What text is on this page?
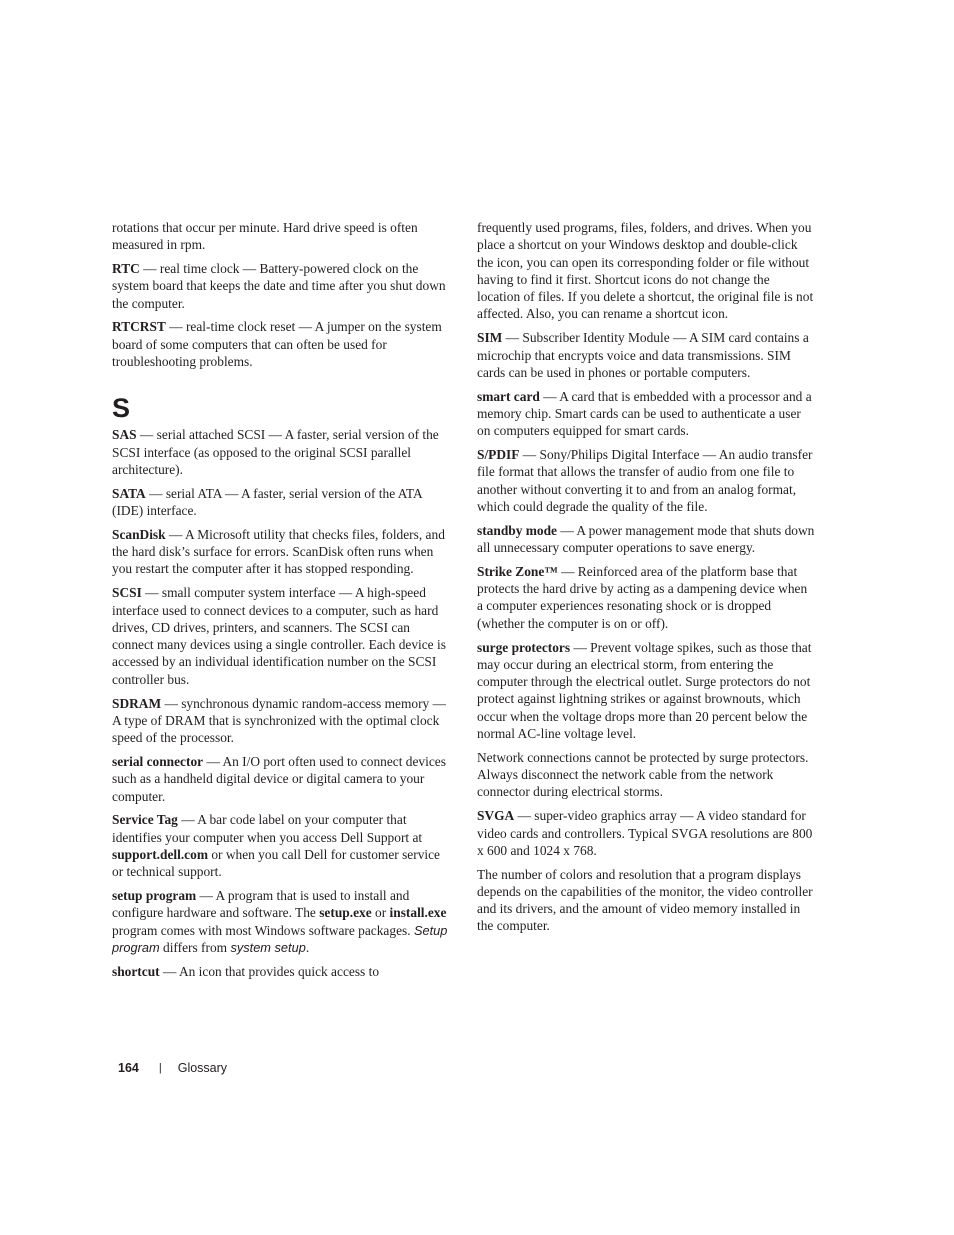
rotations that occur per minute. Hard drive speed is often measured in rpm.

RTC — real time clock — Battery-powered clock on the system board that keeps the date and time after you shut down the computer.

RTCRST — real-time clock reset — A jumper on the system board of some computers that can often be used for troubleshooting problems.

S

SAS — serial attached SCSI — A faster, serial version of the SCSI interface (as opposed to the original SCSI parallel architecture).

SATA — serial ATA — A faster, serial version of the ATA (IDE) interface.

ScanDisk — A Microsoft utility that checks files, folders, and the hard disk’s surface for errors. ScanDisk often runs when you restart the computer after it has stopped responding.

SCSI — small computer system interface — A high-speed interface used to connect devices to a computer, such as hard drives, CD drives, printers, and scanners. The SCSI can connect many devices using a single controller. Each device is accessed by an individual identification number on the SCSI controller bus.

SDRAM — synchronous dynamic random-access memory — A type of DRAM that is synchronized with the optimal clock speed of the processor.

serial connector — An I/O port often used to connect devices such as a handheld digital device or digital camera to your computer.

Service Tag — A bar code label on your computer that identifies your computer when you access Dell Support at support.dell.com or when you call Dell for customer service or technical support.

setup program — A program that is used to install and configure hardware and software. The setup.exe or install.exe program comes with most Windows software packages. Setup program differs from system setup.

shortcut — An icon that provides quick access to

frequently used programs, files, folders, and drives. When you place a shortcut on your Windows desktop and double-click the icon, you can open its corresponding folder or file without having to find it first. Shortcut icons do not change the location of files. If you delete a shortcut, the original file is not affected. Also, you can rename a shortcut icon.

SIM — Subscriber Identity Module — A SIM card contains a microchip that encrypts voice and data transmissions. SIM cards can be used in phones or portable computers.

smart card — A card that is embedded with a processor and a memory chip. Smart cards can be used to authenticate a user on computers equipped for smart cards.

S/PDIF — Sony/Philips Digital Interface — An audio transfer file format that allows the transfer of audio from one file to another without converting it to and from an analog format, which could degrade the quality of the file.

standby mode — A power management mode that shuts down all unnecessary computer operations to save energy.

Strike Zone™ — Reinforced area of the platform base that protects the hard drive by acting as a dampening device when a computer experiences resonating shock or is dropped (whether the computer is on or off).

surge protectors — Prevent voltage spikes, such as those that may occur during an electrical storm, from entering the computer through the electrical outlet. Surge protectors do not protect against lightning strikes or against brownouts, which occur when the voltage drops more than 20 percent below the normal AC-line voltage level.

Network connections cannot be protected by surge protectors. Always disconnect the network cable from the network connector during electrical storms.

SVGA — super-video graphics array — A video standard for video cards and controllers. Typical SVGA resolutions are 800 x 600 and 1024 x 768.

The number of colors and resolution that a program displays depends on the capabilities of the monitor, the video controller and its drivers, and the amount of video memory installed in the computer.

164 | Glossary
